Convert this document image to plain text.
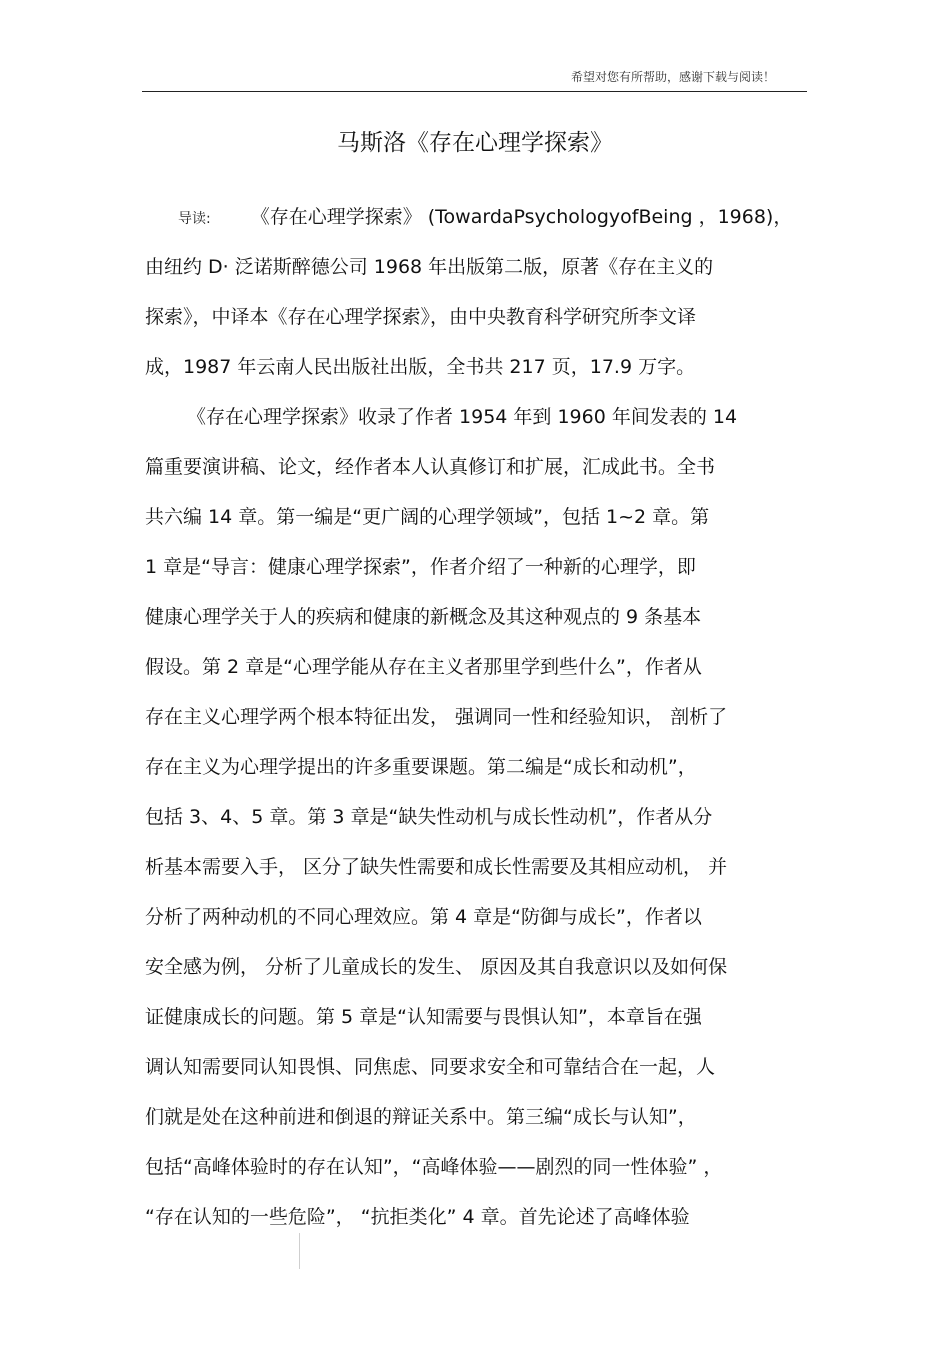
希望对您有所帮助，感谢下载与阅读！
马斯洛《存在心理学探索》
导读: 《存在心理学探索》 (TowardaPsychologyofBeing ，1968)，
由纽约 D· 泛诺斯醉德公司 1968 年出版第二版，原著《存在主义的
探索》，中译本《存在心理学探索》，由中央教育科学研究所李文译
成，1987 年云南人民出版社出版，全书共 217 页，17.9 万字。
《存在心理学探索》收录了作者 1954 年到 1960 年间发表的 14
篇重要演讲稿、论文，经作者本人认真修订和扩展，汇成此书。全书
共六编 14 章。第一编是“更广阔的心理学领域”，包括 1~2 章。第
1 章是“导言：健康心理学探索”，作者介绍了一种新的心理学，即
健康心理学关于人的疾病和健康的新概念及其这种观点的 9 条基本
假设。第 2 章是“心理学能从存在主义者那里学到些什么”，作者从
存在主义心理学两个根本特征出发， 强调同一性和经验知识， 剖析了
存在主义为心理学提出的许多重要课题。第二编是“成长和动机”，
包括 3、4、5 章。第 3 章是“缺失性动机与成长性动机”，作者从分
析基本需要入手， 区分了缺失性需要和成长性需要及其相应动机， 并
分析了两种动机的不同心理效应。第 4 章是“防御与成长”，作者以
安全感为例， 分析了儿童成长的发生、 原因及其自我意识以及如何保
证健康成长的问题。第 5 章是“认知需要与畏惧认知”，本章旨在强
调认知需要同认知畏惧、同焦虑、同要求安全和可靠结合在一起，人
们就是处在这种前进和倒退的辩证关系中。第三编“成长与认知”，
包括“高峰体验时的存在认知”，“高峰体验——剧烈的同一性体验” ，
“存在认知的一些危险”， “抗拒类化” 4 章。首先论述了高峰体验
